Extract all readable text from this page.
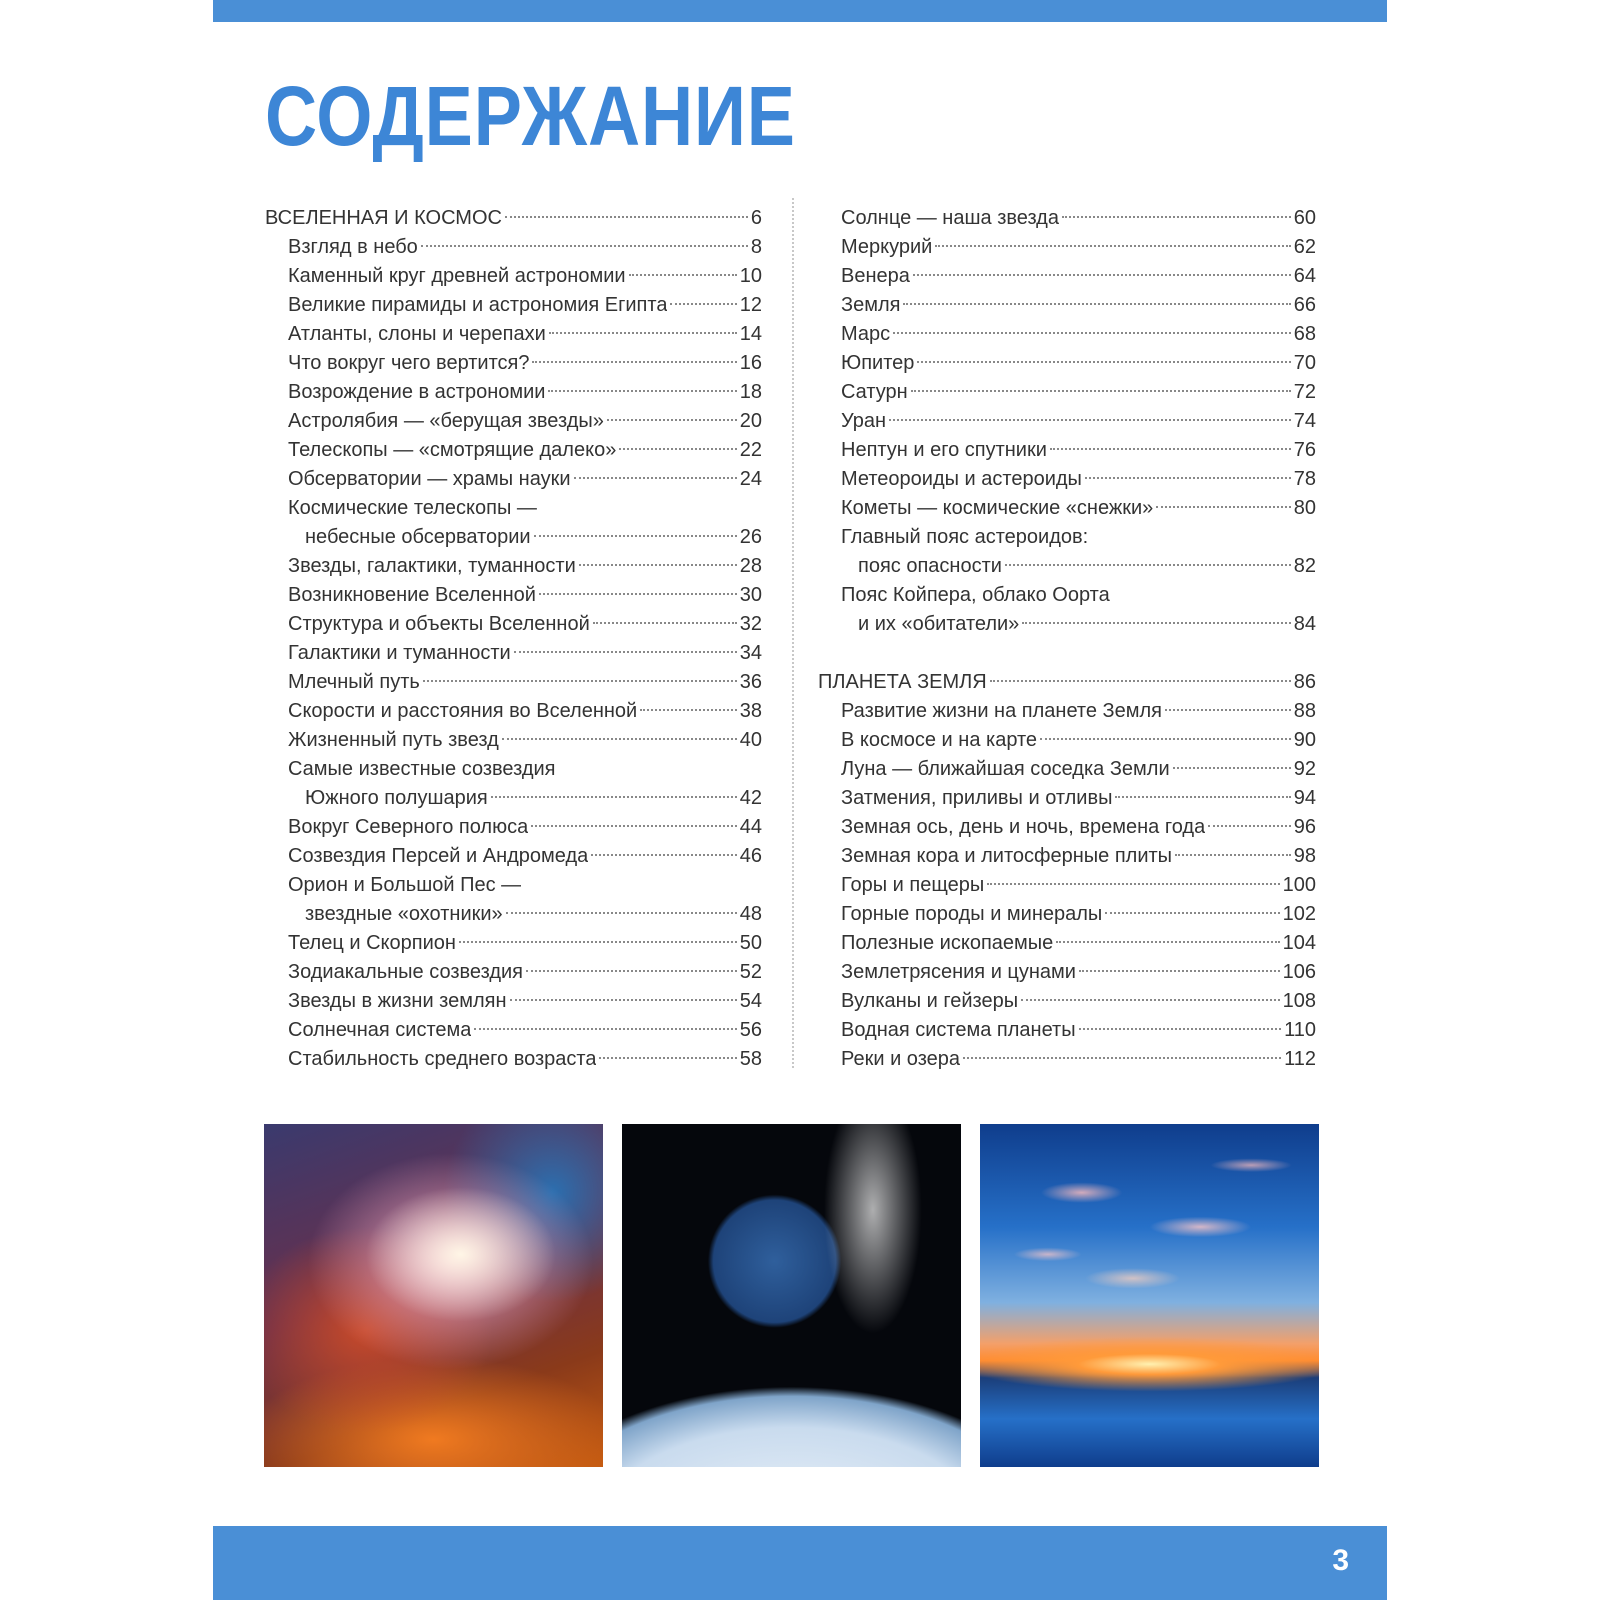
СОДЕРЖАНИЕ
ВСЕЛЕННАЯ И КОСМОС	6
Взгляд в небо	8
Каменный круг древней астрономии	10
Великие пирамиды и астрономия Египта	12
Атланты, слоны и черепахи	14
Что вокруг чего вертится?	16
Возрождение в астрономии	18
Астролябия — «берущая звезды»	20
Телескопы — «смотрящие далеко»	22
Обсерватории — храмы науки	24
Космические телескопы —
небесные обсерватории	26
Звезды, галактики, туманности	28
Возникновение Вселенной	30
Структура и объекты Вселенной	32
Галактики и туманности	34
Млечный путь	36
Скорости и расстояния во Вселенной	38
Жизненный путь звезд	40
Самые известные созвездия
Южного полушария	42
Вокруг Северного полюса	44
Созвездия Персей и Андромеда	46
Орион и Большой Пес —
звездные «охотники»	48
Телец и Скорпион	50
Зодиакальные созвездия	52
Звезды в жизни землян	54
Солнечная система	56
Стабильность среднего возраста	58
Солнце — наша звезда	60
Меркурий	62
Венера	64
Земля	66
Марс	68
Юпитер	70
Сатурн	72
Уран	74
Нептун и его спутники	76
Метеороиды и астероиды	78
Кометы — космические «снежки»	80
Главный пояс астероидов:
пояс опасности	82
Пояс Койпера, облако Оорта
и их «обитатели»	84
ПЛАНЕТА ЗЕМЛЯ	86
Развитие жизни на планете Земля	88
В космосе и на карте	90
Луна — ближайшая соседка Земли	92
Затмения, приливы и отливы	94
Земная ось, день и ночь, времена года	96
Земная кора и литосферные плиты	98
Горы и пещеры	100
Горные породы и минералы	102
Полезные ископаемые	104
Землетрясения и цунами	106
Вулканы и гейзеры	108
Водная система планеты	110
Реки и озера	112
3
